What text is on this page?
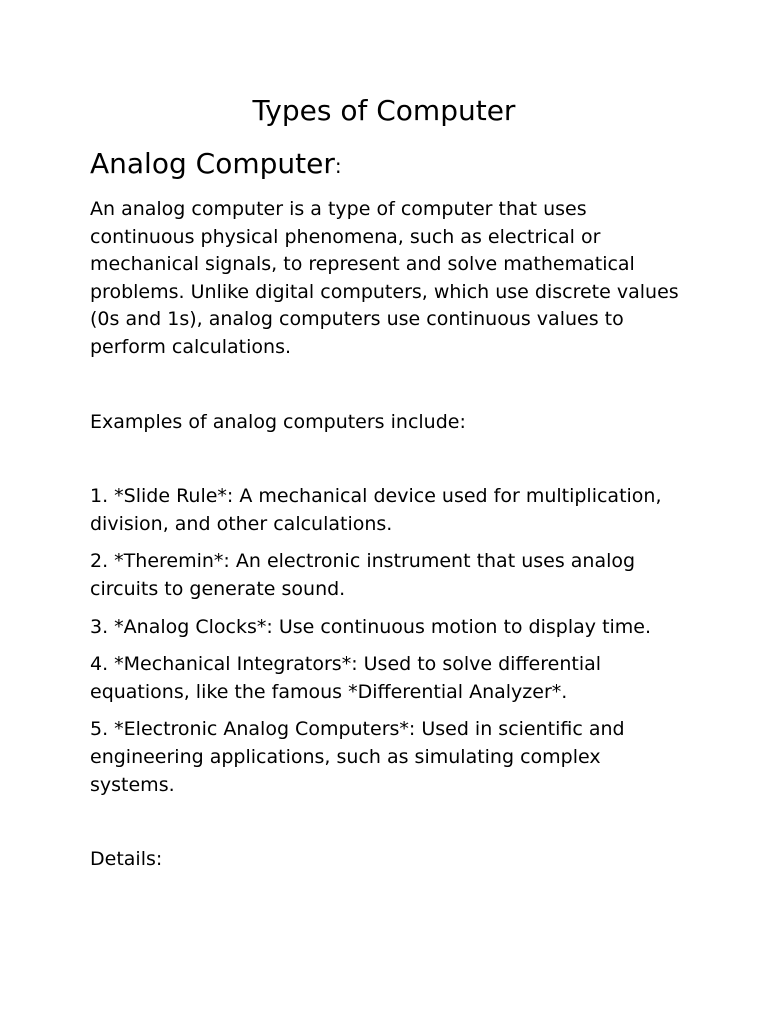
Types of Computer
Analog Computer:

An analog computer is a type of computer that uses continuous physical phenomena, such as electrical or mechanical signals, to represent and solve mathematical problems. Unlike digital computers, which use discrete values (0s and 1s), analog computers use continuous values to perform calculations.

Examples of analog computers include:

1. *Slide Rule*: A mechanical device used for multiplication, division, and other calculations.
2. *Theremin*: An electronic instrument that uses analog circuits to generate sound.
3. *Analog Clocks*: Use continuous motion to display time.
4. *Mechanical Integrators*: Used to solve differential equations, like the famous *Differential Analyzer*.
5. *Electronic Analog Computers*: Used in scientific and engineering applications, such as simulating complex systems.

Details:
